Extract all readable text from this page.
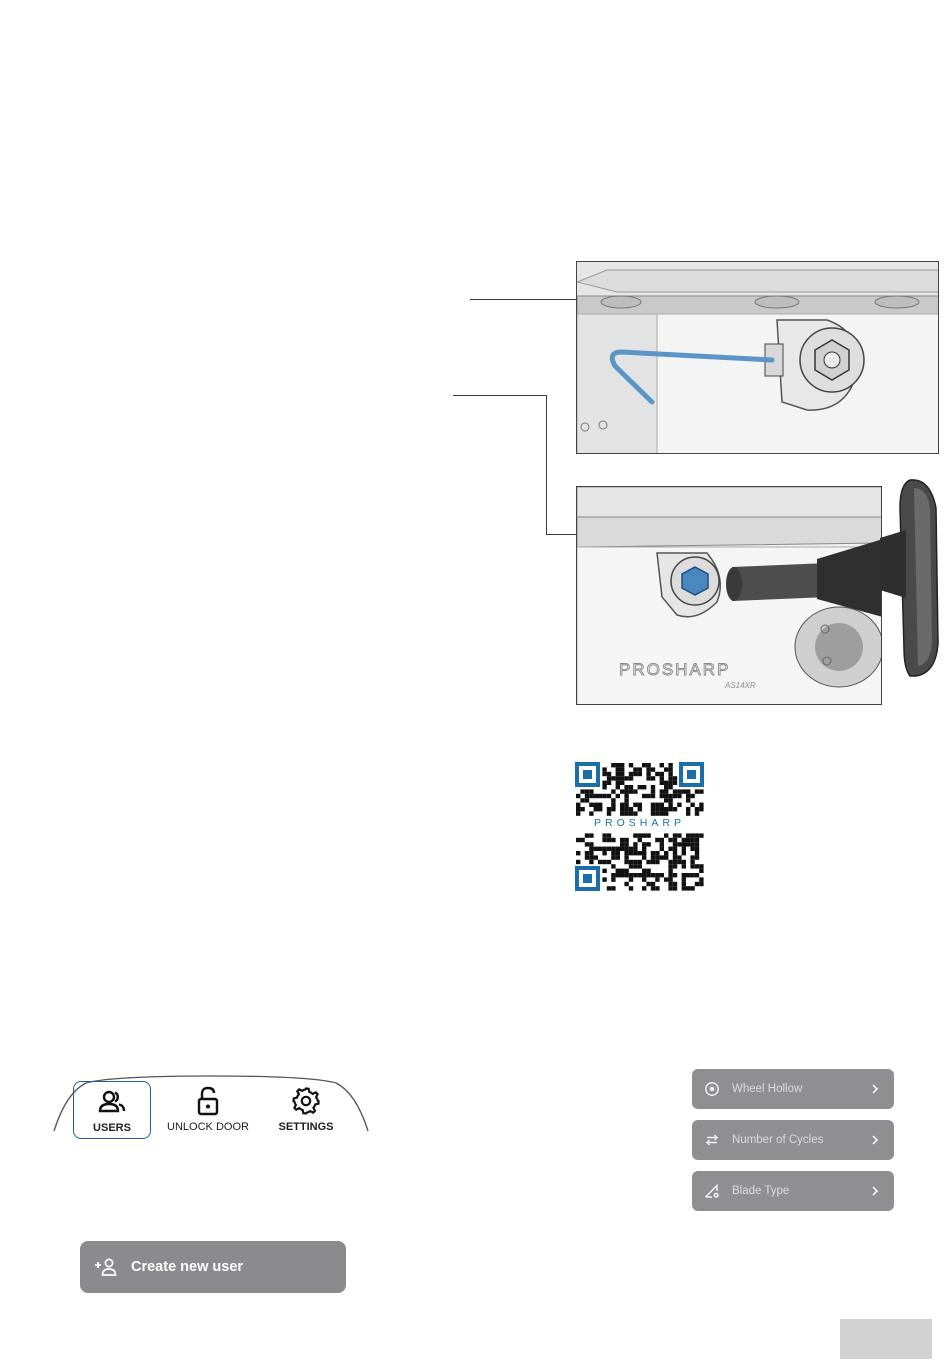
PROSHARP
AS14XR
PROSHARP
USERS	UNLOCK DOOR	SETTINGS
Create new user
Wheel Hollow
Number of Cycles
Blade Type
